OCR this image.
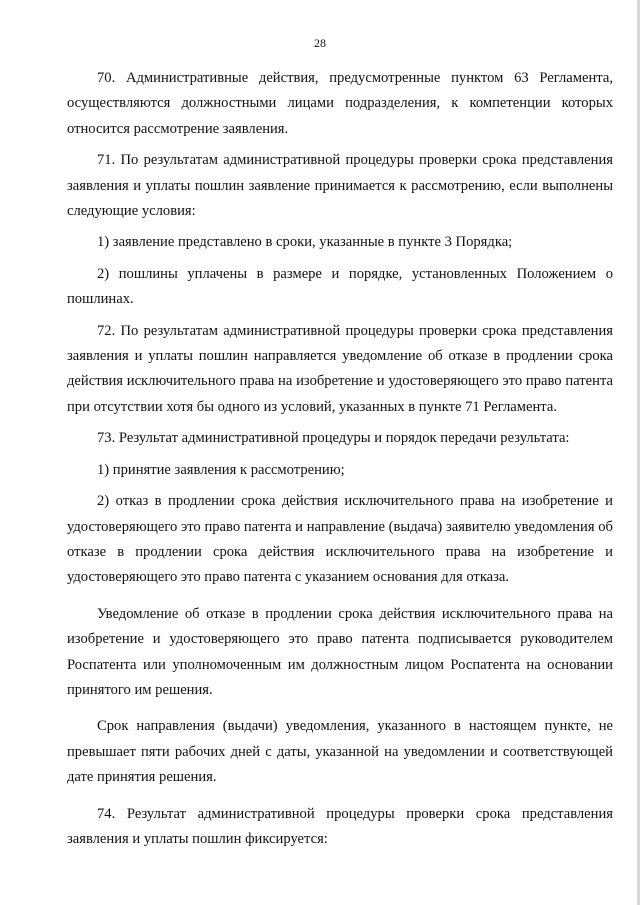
28

70. Административные действия, предусмотренные пунктом 63 Регламента, осуществляются должностными лицами подразделения, к компетенции которых относится рассмотрение заявления.

71. По результатам административной процедуры проверки срока представления заявления и уплаты пошлин заявление принимается к рассмотрению, если выполнены следующие условия:

1) заявление представлено в сроки, указанные в пункте 3 Порядка;

2) пошлины уплачены в размере и порядке, установленных Положением о пошлинах.

72. По результатам административной процедуры проверки срока представления заявления и уплаты пошлин направляется уведомление об отказе в продлении срока действия исключительного права на изобретение и удостоверяющего это право патента при отсутствии хотя бы одного из условий, указанных в пункте 71 Регламента.

73. Результат административной процедуры и порядок передачи результата:

1) принятие заявления к рассмотрению;

2) отказ в продлении срока действия исключительного права на изобретение и удостоверяющего это право патента и направление (выдача) заявителю уведомления об отказе в продлении срока действия исключительного права на изобретение и удостоверяющего это право патента с указанием основания для отказа.

Уведомление об отказе в продлении срока действия исключительного права на изобретение и удостоверяющего это право патента подписывается руководителем Роспатента или уполномоченным им должностным лицом Роспатента на основании принятого им решения.

Срок направления (выдачи) уведомления, указанного в настоящем пункте, не превышает пяти рабочих дней с даты, указанной на уведомлении и соответствующей дате принятия решения.

74. Результат административной процедуры проверки срока представления заявления и уплаты пошлин фиксируется:
